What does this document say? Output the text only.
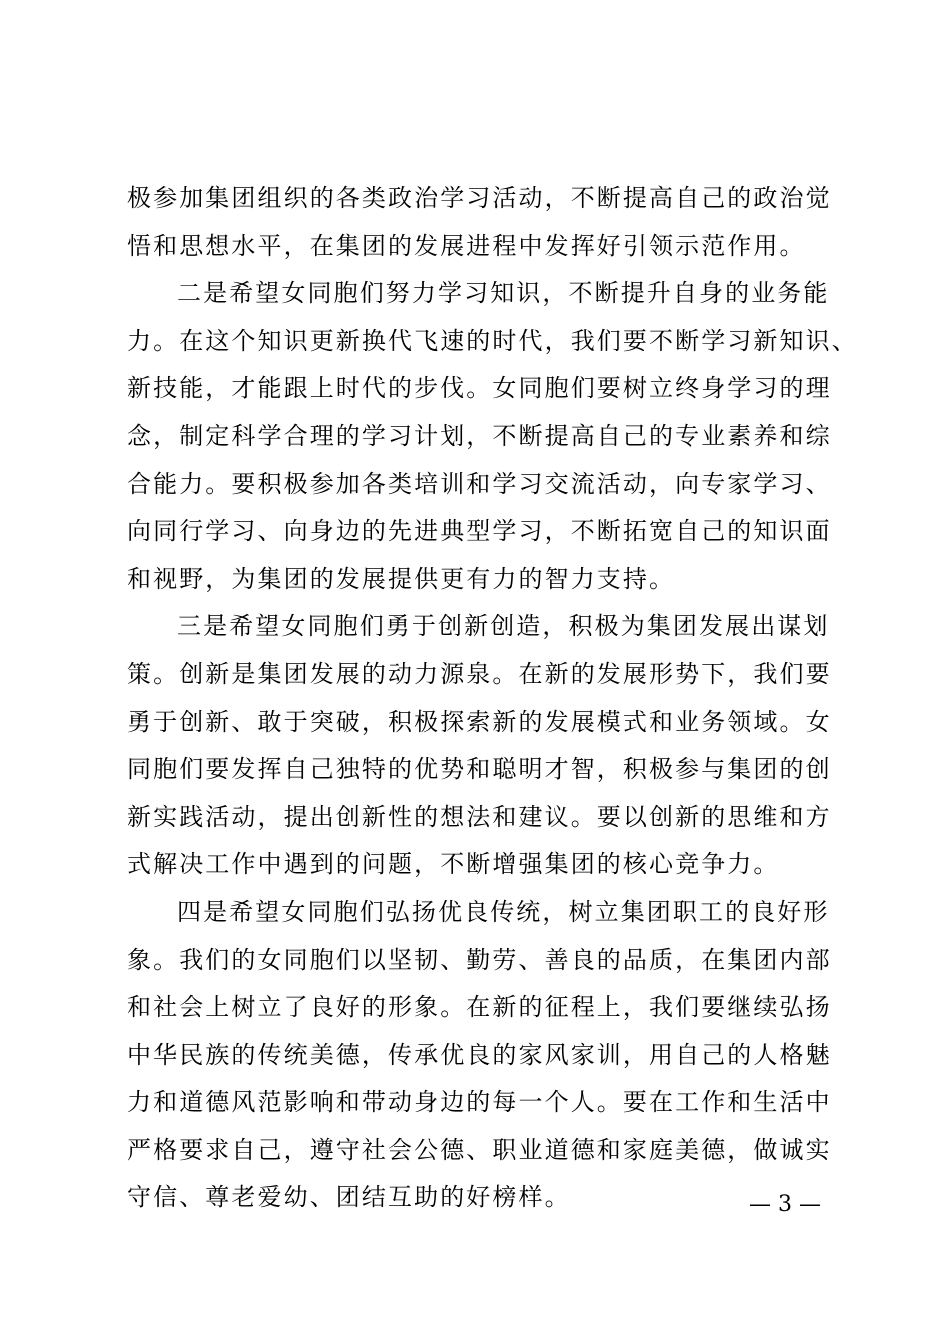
极参加集团组织的各类政治学习活动，不断提高自己的政治觉
悟和思想水平，在集团的发展进程中发挥好引领示范作用。
二是希望女同胞们努力学习知识，不断提升自身的业务能
力。在这个知识更新换代飞速的时代，我们要不断学习新知识、
新技能，才能跟上时代的步伐。女同胞们要树立终身学习的理
念，制定科学合理的学习计划，不断提高自己的专业素养和综
合能力。要积极参加各类培训和学习交流活动，向专家学习、
向同行学习、向身边的先进典型学习，不断拓宽自己的知识面
和视野，为集团的发展提供更有力的智力支持。
三是希望女同胞们勇于创新创造，积极为集团发展出谋划
策。创新是集团发展的动力源泉。在新的发展形势下，我们要
勇于创新、敢于突破，积极探索新的发展模式和业务领域。女
同胞们要发挥自己独特的优势和聪明才智，积极参与集团的创
新实践活动，提出创新性的想法和建议。要以创新的思维和方
式解决工作中遇到的问题，不断增强集团的核心竞争力。
四是希望女同胞们弘扬优良传统，树立集团职工的良好形
象。我们的女同胞们以坚韧、勤劳、善良的品质，在集团内部
和社会上树立了良好的形象。在新的征程上，我们要继续弘扬
中华民族的传统美德，传承优良的家风家训，用自己的人格魅
力和道德风范影响和带动身边的每一个人。要在工作和生活中
严格要求自己，遵守社会公德、职业道德和家庭美德，做诚实
守信、尊老爱幼、团结互助的好榜样。	— 3 —
